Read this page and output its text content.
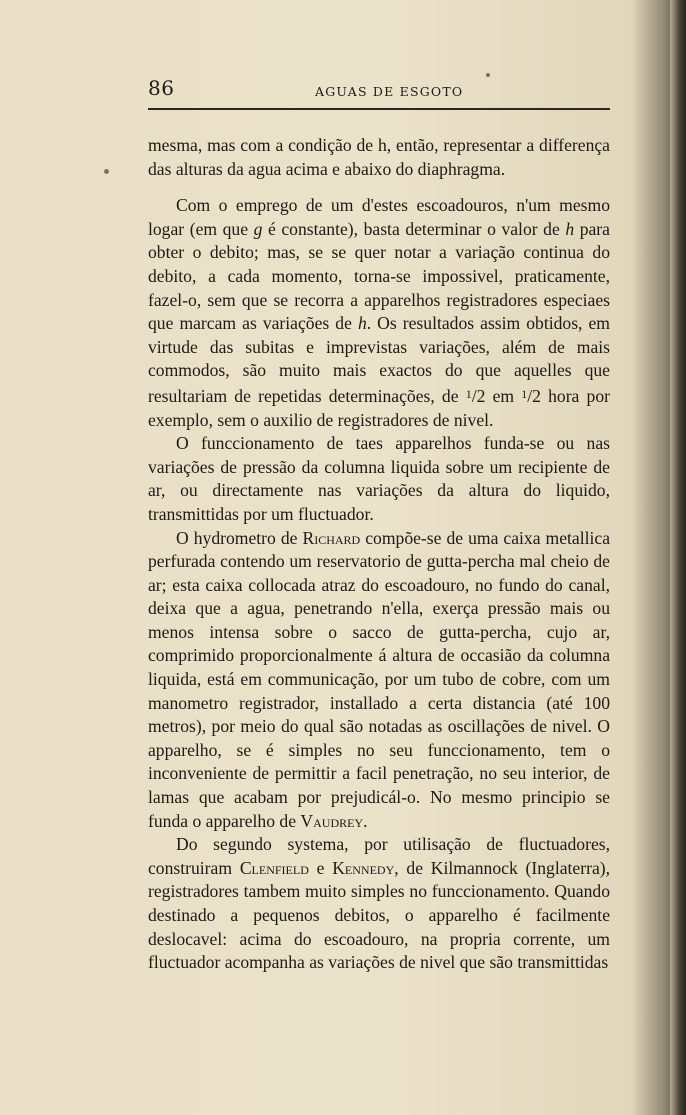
86	AGUAS DE ESGOTO

mesma, mas com a condição de h, então, representar a differença das alturas da agua acima e abaixo do diaphragma.

Com o emprego de um d'estes escoadouros, n'um mesmo logar (em que g é constante), basta determinar o valor de h para obter o debito; mas, se se quer notar a variação continua do debito, a cada momento, torna-se impossivel, praticamente, fazel-o, sem que se recorra a apparelhos registradores especiaes que marcam as variações de h. Os resultados assim obtidos, em virtude das subitas e imprevistas variações, além de mais commodos, são muito mais exactos do que aquelles que resultariam de repetidas determinações, de $^1$/2 em $^1$/2 hora por exemplo, sem o auxilio de registradores de nivel.

O funccionamento de taes apparelhos funda-se ou nas variações de pressão da columna liquida sobre um recipiente de ar, ou directamente nas variações da altura do liquido, transmittidas por um fluctuador.

O hydrometro de Richard compõe-se de uma caixa metallica perfurada contendo um reservatorio de gutta-percha mal cheio de ar; esta caixa collocada atraz do escoadouro, no fundo do canal, deixa que a agua, penetrando n'ella, exerça pressão mais ou menos intensa sobre o sacco de gutta-percha, cujo ar, comprimido proporcionalmente á altura de occasião da columna liquida, está em communicação, por um tubo de cobre, com um manometro registrador, installado a certa distancia (até 100 metros), por meio do qual são notadas as oscillações de nivel. O apparelho, se é simples no seu funccionamento, tem o inconveniente de permittir a facil penetração, no seu interior, de lamas que acabam por prejudicál-o. No mesmo principio se funda o apparelho de Vaudrey.

Do segundo systema, por utilisação de fluctuadores, construiram Clenfield e Kennedy, de Kilmannock (Inglaterra), registradores tambem muito simples no funccionamento. Quando destinado a pequenos debitos, o apparelho é facilmente deslocavel: acima do escoadouro, na propria corrente, um fluctuador acompanha as variações de nivel que são transmittidas
